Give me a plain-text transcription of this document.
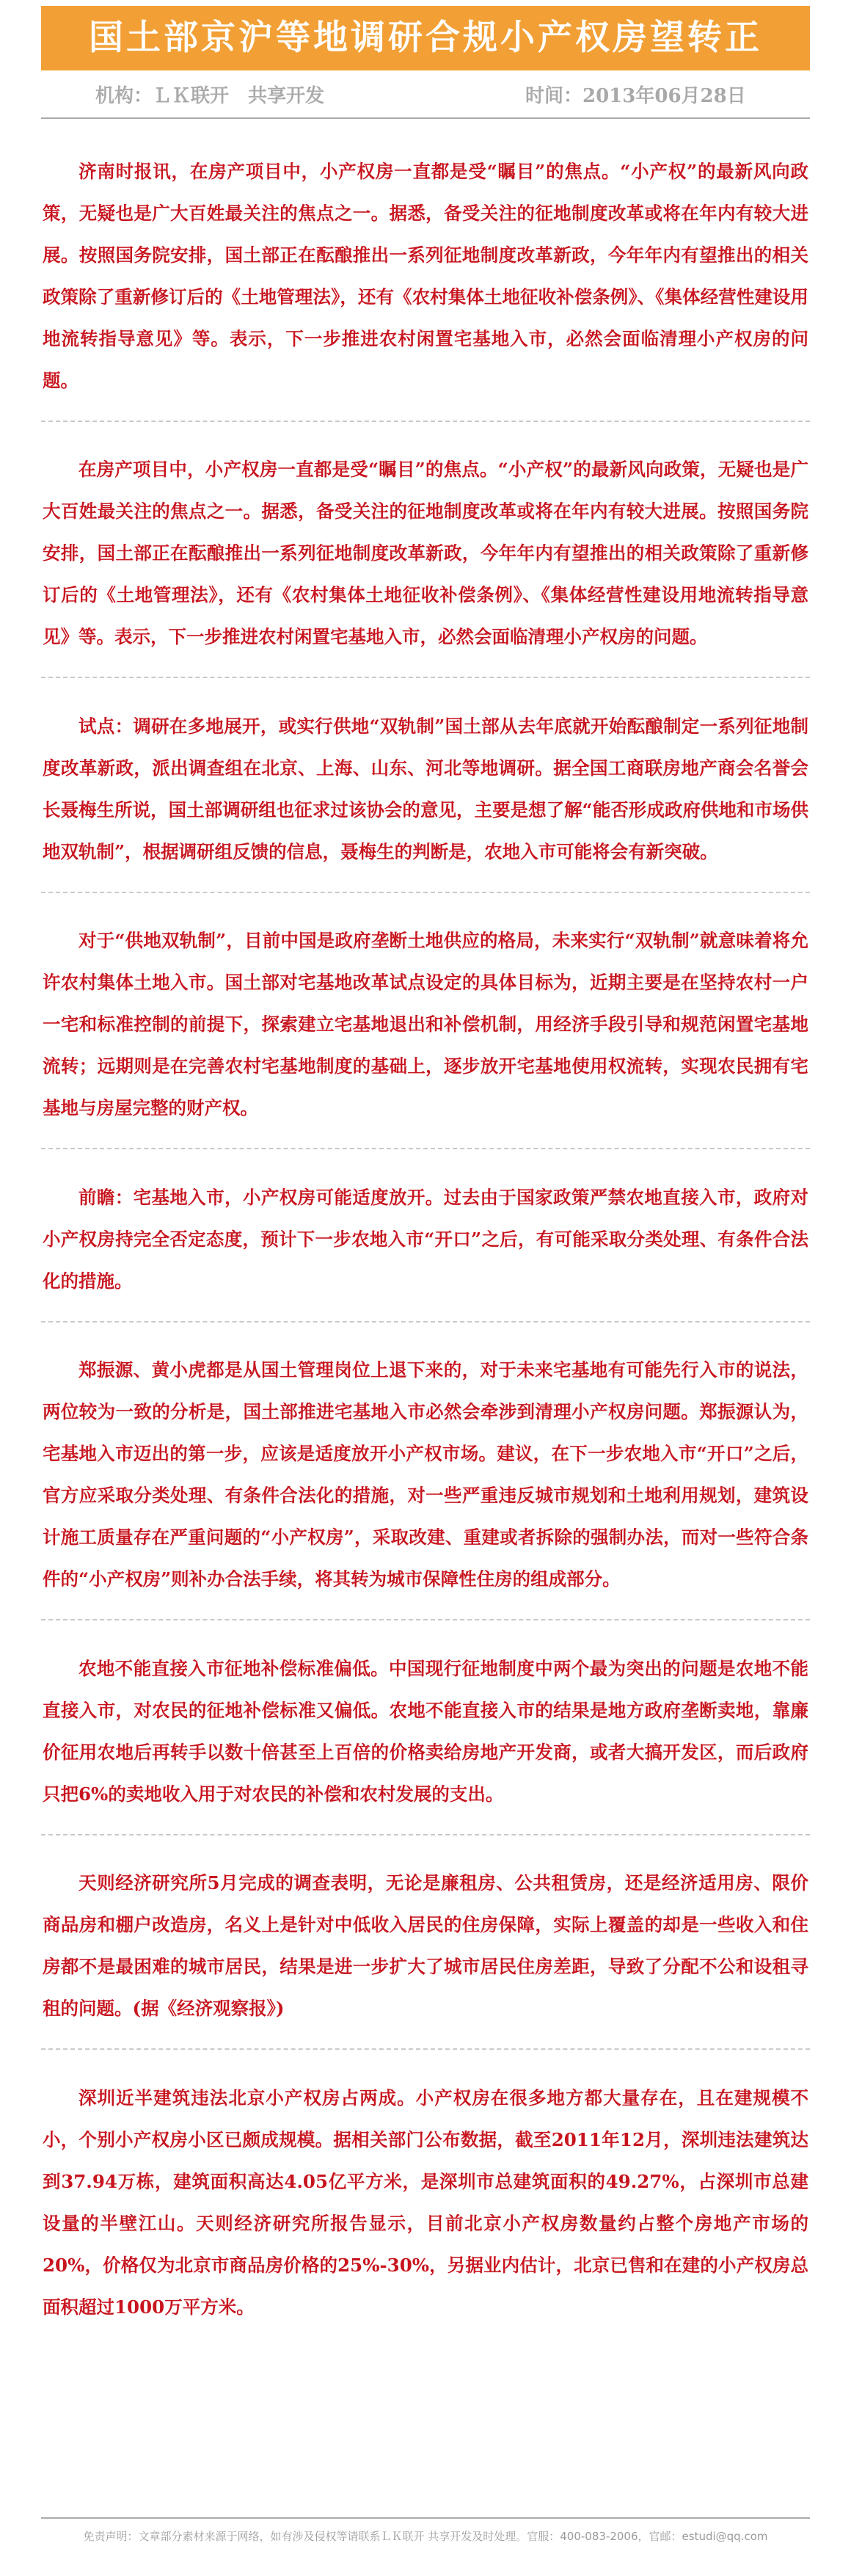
国土部京沪等地调研合规小产权房望转正
机构：ＬＫ联开　共享开发	时间：2013年06月28日

济南时报讯，在房产项目中，小产权房一直都是受“瞩目”的焦点。“小产权”的最新风向政策，无疑也是广大百姓最关注的焦点之一。据悉，备受关注的征地制度改革或将在年内有较大进展。按照国务院安排，国土部正在酝酿推出一系列征地制度改革新政，今年年内有望推出的相关政策除了重新修订后的《土地管理法》，还有《农村集体土地征收补偿条例》、《集体经营性建设用地流转指导意见》等。表示，下一步推进农村闲置宅基地入市，必然会面临清理小产权房的问题。

在房产项目中，小产权房一直都是受“瞩目”的焦点。“小产权”的最新风向政策，无疑也是广大百姓最关注的焦点之一。据悉，备受关注的征地制度改革或将在年内有较大进展。按照国务院安排，国土部正在酝酿推出一系列征地制度改革新政，今年年内有望推出的相关政策除了重新修订后的《土地管理法》，还有《农村集体土地征收补偿条例》、《集体经营性建设用地流转指导意见》等。表示，下一步推进农村闲置宅基地入市，必然会面临清理小产权房的问题。

试点：调研在多地展开，或实行供地“双轨制”国土部从去年底就开始酝酿制定一系列征地制度改革新政，派出调查组在北京、上海、山东、河北等地调研。据全国工商联房地产商会名誉会长聂梅生所说，国土部调研组也征求过该协会的意见，主要是想了解“能否形成政府供地和市场供地双轨制”，根据调研组反馈的信息，聂梅生的判断是，农地入市可能将会有新突破。

对于“供地双轨制”，目前中国是政府垄断土地供应的格局，未来实行“双轨制”就意味着将允许农村集体土地入市。国土部对宅基地改革试点设定的具体目标为，近期主要是在坚持农村一户一宅和标准控制的前提下，探索建立宅基地退出和补偿机制，用经济手段引导和规范闲置宅基地流转；远期则是在完善农村宅基地制度的基础上，逐步放开宅基地使用权流转，实现农民拥有宅基地与房屋完整的财产权。

前瞻：宅基地入市，小产权房可能适度放开。过去由于国家政策严禁农地直接入市，政府对小产权房持完全否定态度，预计下一步农地入市“开口”之后，有可能采取分类处理、有条件合法化的措施。

郑振源、黄小虎都是从国土管理岗位上退下来的，对于未来宅基地有可能先行入市的说法，两位较为一致的分析是，国土部推进宅基地入市必然会牵涉到清理小产权房问题。郑振源认为，宅基地入市迈出的第一步，应该是适度放开小产权市场。建议，在下一步农地入市“开口”之后，官方应采取分类处理、有条件合法化的措施，对一些严重违反城市规划和土地利用规划，建筑设计施工质量存在严重问题的“小产权房”，采取改建、重建或者拆除的强制办法，而对一些符合条件的“小产权房”则补办合法手续，将其转为城市保障性住房的组成部分。

农地不能直接入市征地补偿标准偏低。中国现行征地制度中两个最为突出的问题是农地不能直接入市，对农民的征地补偿标准又偏低。农地不能直接入市的结果是地方政府垄断卖地，靠廉价征用农地后再转手以数十倍甚至上百倍的价格卖给房地产开发商，或者大搞开发区，而后政府只把6%的卖地收入用于对农民的补偿和农村发展的支出。

天则经济研究所5月完成的调查表明，无论是廉租房、公共租赁房，还是经济适用房、限价商品房和棚户改造房，名义上是针对中低收入居民的住房保障，实际上覆盖的却是一些收入和住房都不是最困难的城市居民，结果是进一步扩大了城市居民住房差距，导致了分配不公和设租寻租的问题。(据《经济观察报》)

深圳近半建筑违法北京小产权房占两成。小产权房在很多地方都大量存在，且在建规模不小，个别小产权房小区已颇成规模。据相关部门公布数据，截至2011年12月，深圳违法建筑达到37.94万栋，建筑面积高达4.05亿平方米，是深圳市总建筑面积的49.27%，占深圳市总建设量的半壁江山。天则经济研究所报告显示，目前北京小产权房数量约占整个房地产市场的20%，价格仅为北京市商品房价格的25%-30%，另据业内估计，北京已售和在建的小产权房总面积超过1000万平方米。

免责声明：文章部分素材来源于网络，如有涉及侵权等请联系ＬＫ联开 共享开发及时处理。官服：400-083-2006，官邮：estudi@qq.com
